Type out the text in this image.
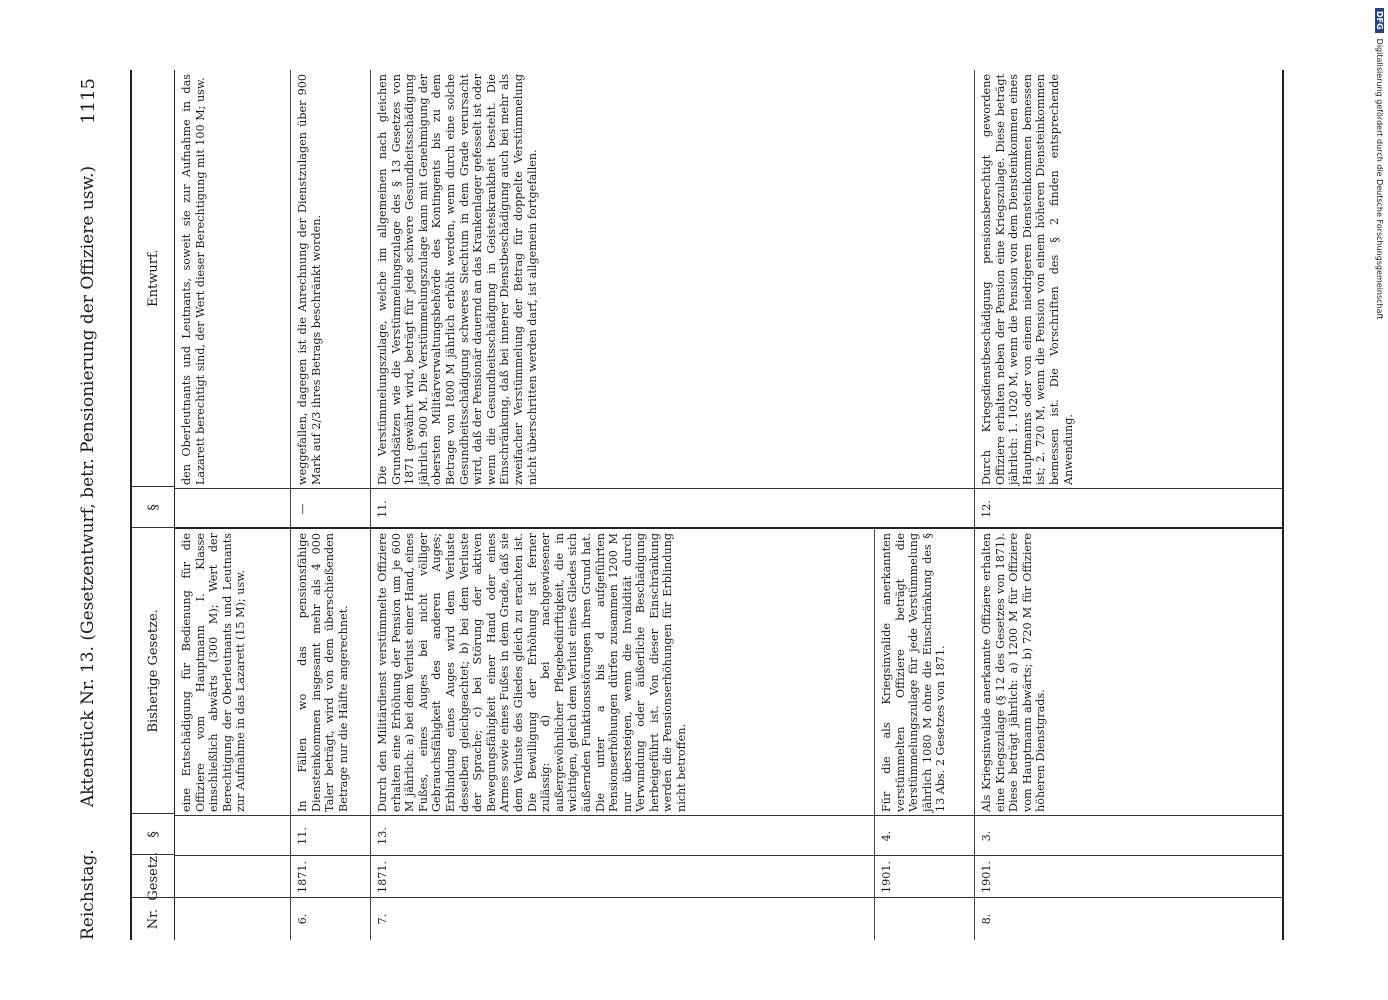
DFG
Digitalisierung gefördert durch die Deutsche Forschungsgemeinschaft
Reichstag.
Aktenstück Nr. 13. (Gesetzentwurf, betr. Pensionierung der Offiziere usw.)
1115
Nr.
Gesetz.
§
Bisherige Gesetze.
§
Entwurf.

eine Entschädigung für Bedienung für die Offiziere vom Hauptmann I. Klasse einschließlich abwärts (300 M); Wert der Berechtigung der Oberleutnants und Leutnants zur Aufnahme in das Lazarett (15 M); usw.

den Oberleutnants und Leutnants, soweit sie zur Aufnahme in das Lazarett berechtigt sind, der Wert dieser Berechtigung mit 100 M; usw.

6.
1871.
11.

In Fällen wo das pensionsfähige Diensteinkommen insgesamt mehr als 4 000 Taler beträgt, wird von dem überschießenden Betrage nur die Hälfte angerechnet.

—

weggefallen, dagegen ist die Anrechnung der Dienstzulagen über 900 Mark auf 2/3 ihres Betrags beschränkt worden.

7.
1871.
13.

Durch den Militärdienst verstümmelte Offiziere erhalten eine Erhöhung der Pension um je 600 M jährlich: a) bei dem Verlust einer Hand, eines Fußes, eines Auges bei nicht völliger Gebrauchsfähigkeit des anderen Auges; Erblindung eines Auges wird dem Verluste desselben gleichgeachtet; b) bei dem Verluste der Sprache; c) bei Störung der aktiven Bewegungsfähigkeit einer Hand oder eines Armes sowie eines Fußes in dem Grade, daß sie dem Verluste des Gliedes gleich zu erachten ist. Die Bewilligung der Erhöhung ist ferner zulässig: d) bei nachgewiesener außergewöhnlicher Pflegebedürftigkeit, die in wichtigen, gleich dem Verlust eines Gliedes sich äußernden Funktionsstörungen ihren Grund hat. Die unter a bis d aufgeführten Pensionserhöhungen dürfen zusammen 1200 M nur übersteigen, wenn die Invalidität durch Verwundung oder äußerliche Beschädigung herbeigeführt ist. Von dieser Einschränkung werden die Pensionserhöhungen für Erblindung nicht betroffen.

11.

Die Verstümmelungszulage, welche im allgemeinen nach gleichen Grundsätzen wie die Verstümmelungszulage des § 13 Gesetzes von 1871 gewährt wird, beträgt für jede schwere Gesundheitsschädigung jährlich 900 M. Die Verstümmelungszulage kann mit Genehmigung der obersten Militärverwaltungsbehörde des Kontingents bis zu dem Betrage von 1800 M jährlich erhöht werden, wenn durch eine solche Gesundheitsschädigung schweres Siechtum in dem Grade verursacht wird, daß der Pensionär dauernd an das Krankenlager gefesselt ist oder wenn die Gesundheitsschädigung in Geisteskrankheit besteht. Die Einschränkung, daß bei innerer Dienstbeschädigung auch bei mehr als zweifacher Verstümmelung der Betrag für doppelte Verstümmelung nicht überschritten werden darf, ist allgemein fortgefallen.

1901.
4.

Für die als Kriegsinvalide anerkannten verstümmelten Offiziere beträgt die Verstümmelungszulage für jede Verstümmelung jährlich 1080 M ohne die Einschränkung des § 13 Abs. 2 Gesetzes von 1871.

8.
1901.
3.

Als Kriegsinvalide anerkannte Offiziere erhalten eine Kriegszulage (§ 12 des Gesetzes von 1871). Diese beträgt jährlich: a) 1200 M für Offiziere vom Hauptmann abwärts; b) 720 M für Offiziere höheren Dienstgrads.

12.

Durch Kriegsdienstbeschädigung pensionsberechtigt gewordene Offiziere erhalten neben der Pension eine Kriegszulage. Diese beträgt jährlich: 1. 1020 M, wenn die Pension von dem Diensteinkommen eines Hauptmanns oder von einem niedrigeren Diensteinkommen bemessen ist; 2. 720 M, wenn die Pension von einem höheren Diensteinkommen bemessen ist. Die Vorschriften des § 2 finden entsprechende Anwendung.
